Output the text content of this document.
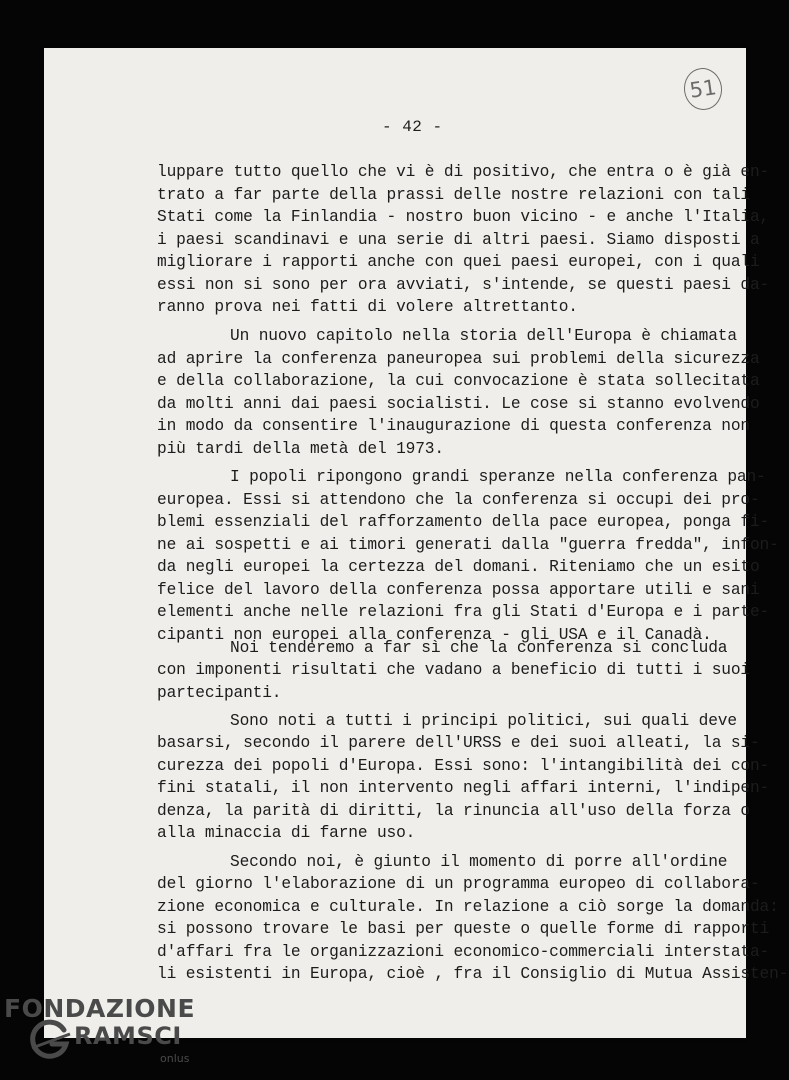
51
- 42 -
luppare tutto quello che vi è di positivo, che entra o è già en-
trato a far parte della prassi delle nostre relazioni con tali
Stati come la Finlandia - nostro buon vicino - e anche l'Italia,
i paesi scandinavi e una serie di altri paesi. Siamo disposti a
migliorare i rapporti anche con quei paesi europei, con i quali
essi non si sono per ora avviati, s'intende, se questi paesi da-
ranno prova nei fatti di volere altrettanto.
Un nuovo capitolo nella storia dell'Europa è chiamata
ad aprire la conferenza paneuropea sui problemi della sicurezza
e della collaborazione, la cui convocazione è stata sollecitata
da molti anni dai paesi socialisti. Le cose si stanno evolvendo
in modo da consentire l'inaugurazione di questa conferenza non
più tardi della metà del 1973.
I popoli ripongono grandi speranze nella conferenza pan-
europea. Essi si attendono che la conferenza si occupi dei pro-
blemi essenziali del rafforzamento della pace europea, ponga fi-
ne ai sospetti e ai timori generati dalla "guerra fredda", infon-
da negli europei la certezza del domani. Riteniamo che un esito
felice del lavoro della conferenza possa apportare utili e sani
elementi anche nelle relazioni fra gli Stati d'Europa e i parte-
cipanti non europei alla conferenza - gli USA e il Canadà.
Noi tenderemo a far sì che la conferenza si concluda
con imponenti risultati che vadano a beneficio di tutti i suoi
partecipanti.
Sono noti a tutti i principi politici, sui quali deve
basarsi, secondo il parere dell'URSS e dei suoi alleati, la si-
curezza dei popoli d'Europa. Essi sono: l'intangibilità dei con-
fini statali, il non intervento negli affari interni, l'indipen-
denza, la parità di diritti, la rinuncia all'uso della forza o
alla minaccia di farne uso.
Secondo noi, è giunto il momento di porre all'ordine
del giorno l'elaborazione di un programma europeo di collabora-
zione economica e culturale. In relazione a ciò sorge la domanda:
si possono trovare le basi per queste o quelle forme di rapporti
d'affari fra le organizzazioni economico-commerciali interstata-
li esistenti in Europa, cioè , fra il Consiglio di Mutua Assisten-
FONDAZIONE
RAMSCI
onlus
